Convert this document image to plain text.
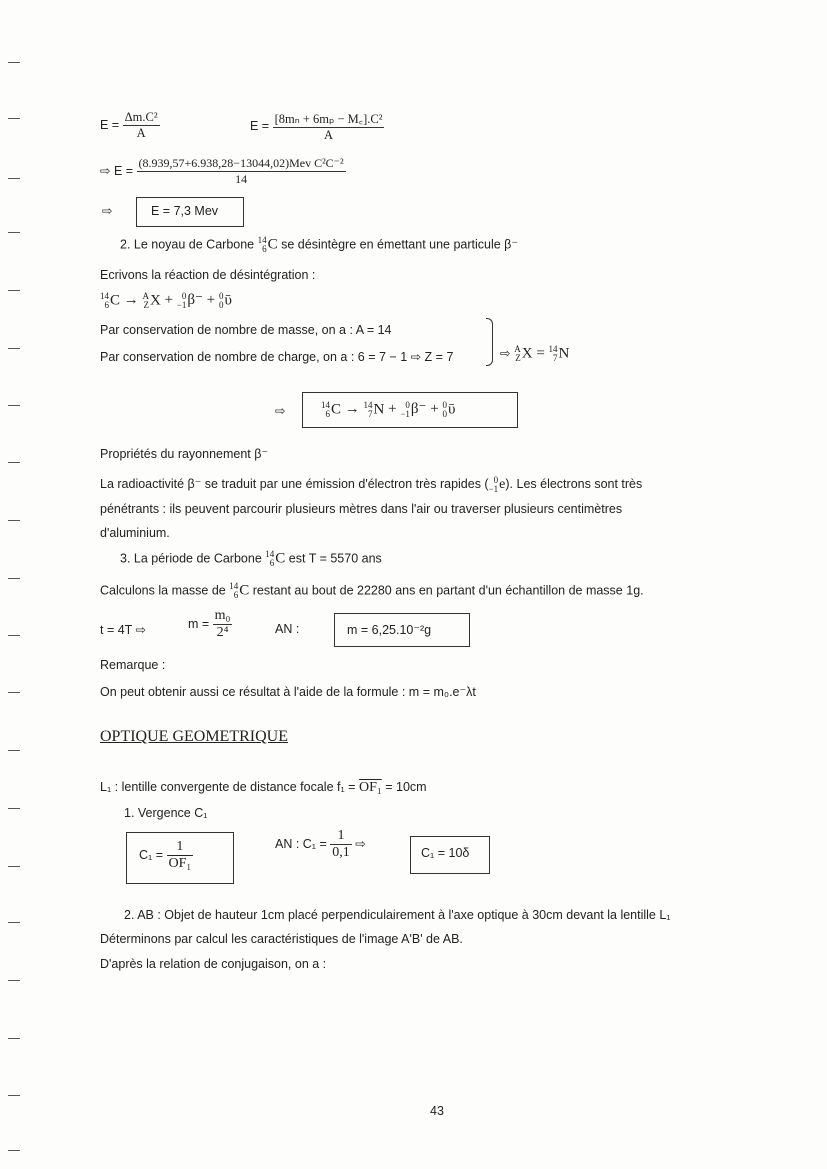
$E = \frac{\text{Δm.C²}}{A}$	$E = \frac{\text{[8mₙ + 6mₚ − M꜀].C²}}{A}$
⇨ $E = \frac{\text{(8.939,57+6.938,28−13044,02)Mev C²C⁻²}}{14}$
⇨	E = 7,3 Mev
2. Le noyau de Carbone 14
6 C se désintègre en émettant une particule β⁻
Ecrivons la réaction de désintégration :
14
6 C → A
Z X + 0
−1 β⁻ + 0
0 ῡ
Par conservation de nombre de masse, on a : A = 14
Par conservation de nombre de charge, on a : 6 = 7 − 1 ⇨ Z = 7	⇨ A
Z X = 14
7 N
⇨	14
6 C → 14
7 N + 0
−1 β⁻ + 0
0 ῡ
Propriétés du rayonnement β⁻
La radioactivité β⁻ se traduit par une émission d'électron très rapides ( 0
−1 e). Les électrons sont très
pénétrants : ils peuvent parcourir plusieurs mètres dans l'air ou traverser plusieurs centimètres
d'aluminium.
3. La période de Carbone 14
6 C est T = 5570 ans
Calculons la masse de 14
6 C restant au bout de 22280 ans en partant d'un échantillon de masse 1g.
t = 4T ⇨	$m = \frac{\text{m₀}}{\text{2⁴}}$	AN :	m = 6,25.10⁻²g
Remarque :
On peut obtenir aussi ce résultat à l'aide de la formule : m = m₀.e⁻λt
OPTIQUE GEOMETRIQUE
L₁ : lentille convergente de distance focale f₁ = OF₁ = 10cm
1. Vergence C₁
$C_1 = \frac{1}{\text{OF₁}}$	AN : $C_1 = \frac{1}{0,1}$ ⇨
C₁ = 10δ
2. AB : Objet de hauteur 1cm placé perpendiculairement à l'axe optique à 30cm devant la lentille L₁
Déterminons par calcul les caractéristiques de l'image A'B' de AB.
D'après la relation de conjugaison, on a :
43
